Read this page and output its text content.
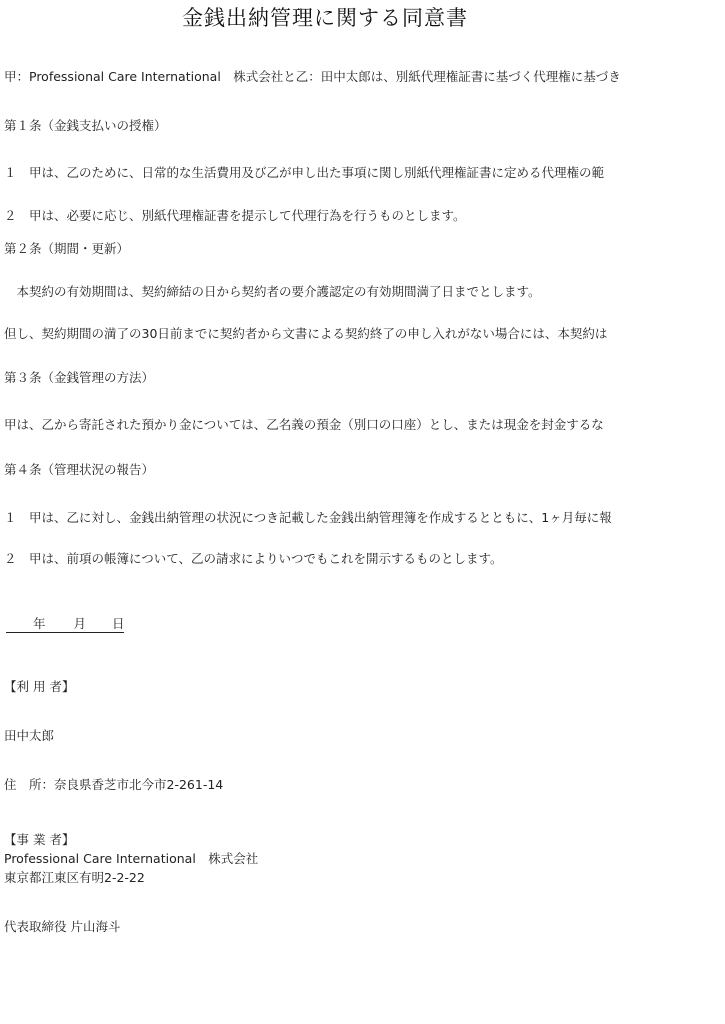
金銭出納管理に関する同意書
甲：Professional Care International　株式会社と乙：田中太郎は、別紙代理権証書に基づく代理権に基づき
第１条（金銭支払いの授権）
１　甲は、乙のために、日常的な生活費用及び乙が申し出た事項に関し別紙代理権証書に定める代理権の範
２　甲は、必要に応じ、別紙代理権証書を提示して代理行為を行うものとします。
第２条（期間・更新）
　本契約の有効期間は、契約締結の日から契約者の要介護認定の有効期間満了日までとします。
但し、契約期間の満了の30日前までに契約者から文書による契約終了の申し入れがない場合には、本契約は
第３条（金銭管理の方法）
甲は、乙から寄託された預かり金については、乙名義の預金（別口の口座）とし、または現金を封金するな
第４条（管理状況の報告）
１　甲は、乙に対し、金銭出納管理の状況につき記載した金銭出納管理簿を作成するとともに、1ヶ月毎に報
２　甲は、前項の帳簿について、乙の請求によりいつでもこれを開示するものとします。
年 月 日
【利 用 者】
田中太郎
住　所：奈良県香芝市北今市2-261-14
【事 業 者】
Professional Care International　株式会社
東京都江東区有明2-2-22
代表取締役 片山海斗
